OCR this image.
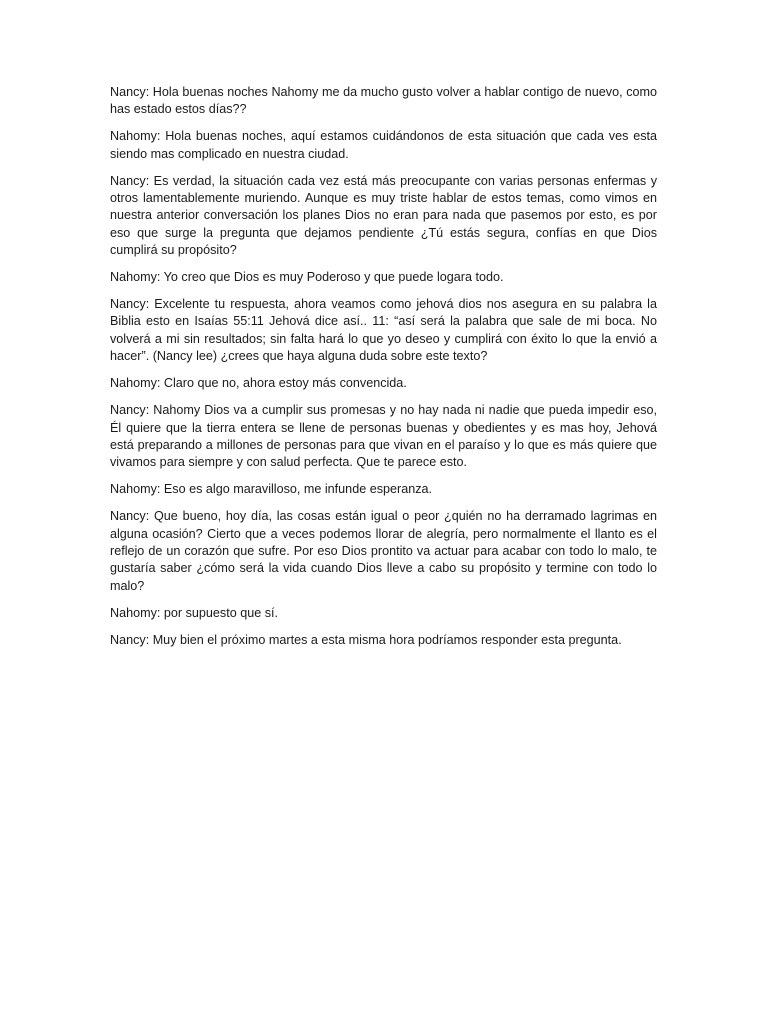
Nancy: Hola buenas noches Nahomy me da mucho gusto volver a hablar contigo de nuevo, como has estado estos días??

Nahomy: Hola buenas noches, aquí estamos cuidándonos de esta situación que cada ves esta siendo mas complicado en nuestra ciudad.

Nancy: Es verdad, la situación cada vez está más preocupante con varias personas enfermas y otros lamentablemente muriendo. Aunque es muy triste hablar de estos temas, como vimos en nuestra anterior conversación los planes Dios no eran para nada que pasemos por esto, es por eso que surge la pregunta que dejamos pendiente ¿Tú estás segura, confías en que Dios cumplirá su propósito?

Nahomy: Yo creo que Dios es muy Poderoso y que puede logara todo.

Nancy: Excelente tu respuesta, ahora veamos como jehová dios nos asegura en su palabra la Biblia esto en Isaías 55:11 Jehová dice así.. 11: “así será la palabra que sale de mi boca. No volverá a mi sin resultados; sin falta hará lo que yo deseo y cumplirá con éxito lo que la envió a hacer”. (Nancy lee) ¿crees que haya alguna duda sobre este texto?

Nahomy: Claro que no, ahora estoy más convencida.

Nancy: Nahomy Dios va a cumplir sus promesas y no hay nada ni nadie que pueda impedir eso, Él quiere que la tierra entera se llene de personas buenas y obedientes y es mas hoy, Jehová está preparando a millones de personas para que vivan en el paraíso y lo que es más quiere que vivamos para siempre y con salud perfecta. Que te parece esto.

Nahomy: Eso es algo maravilloso, me infunde esperanza.

Nancy: Que bueno, hoy día, las cosas están igual o peor ¿quién no ha derramado lagrimas en alguna ocasión? Cierto que a veces podemos llorar de alegría, pero normalmente el llanto es el reflejo de un corazón que sufre. Por eso Dios prontito va actuar para acabar con todo lo malo, te gustaría saber ¿cómo será la vida cuando Dios lleve a cabo su propósito y termine con todo lo malo?

Nahomy: por supuesto que sí.

Nancy: Muy bien el próximo martes a esta misma hora podríamos responder esta pregunta.
